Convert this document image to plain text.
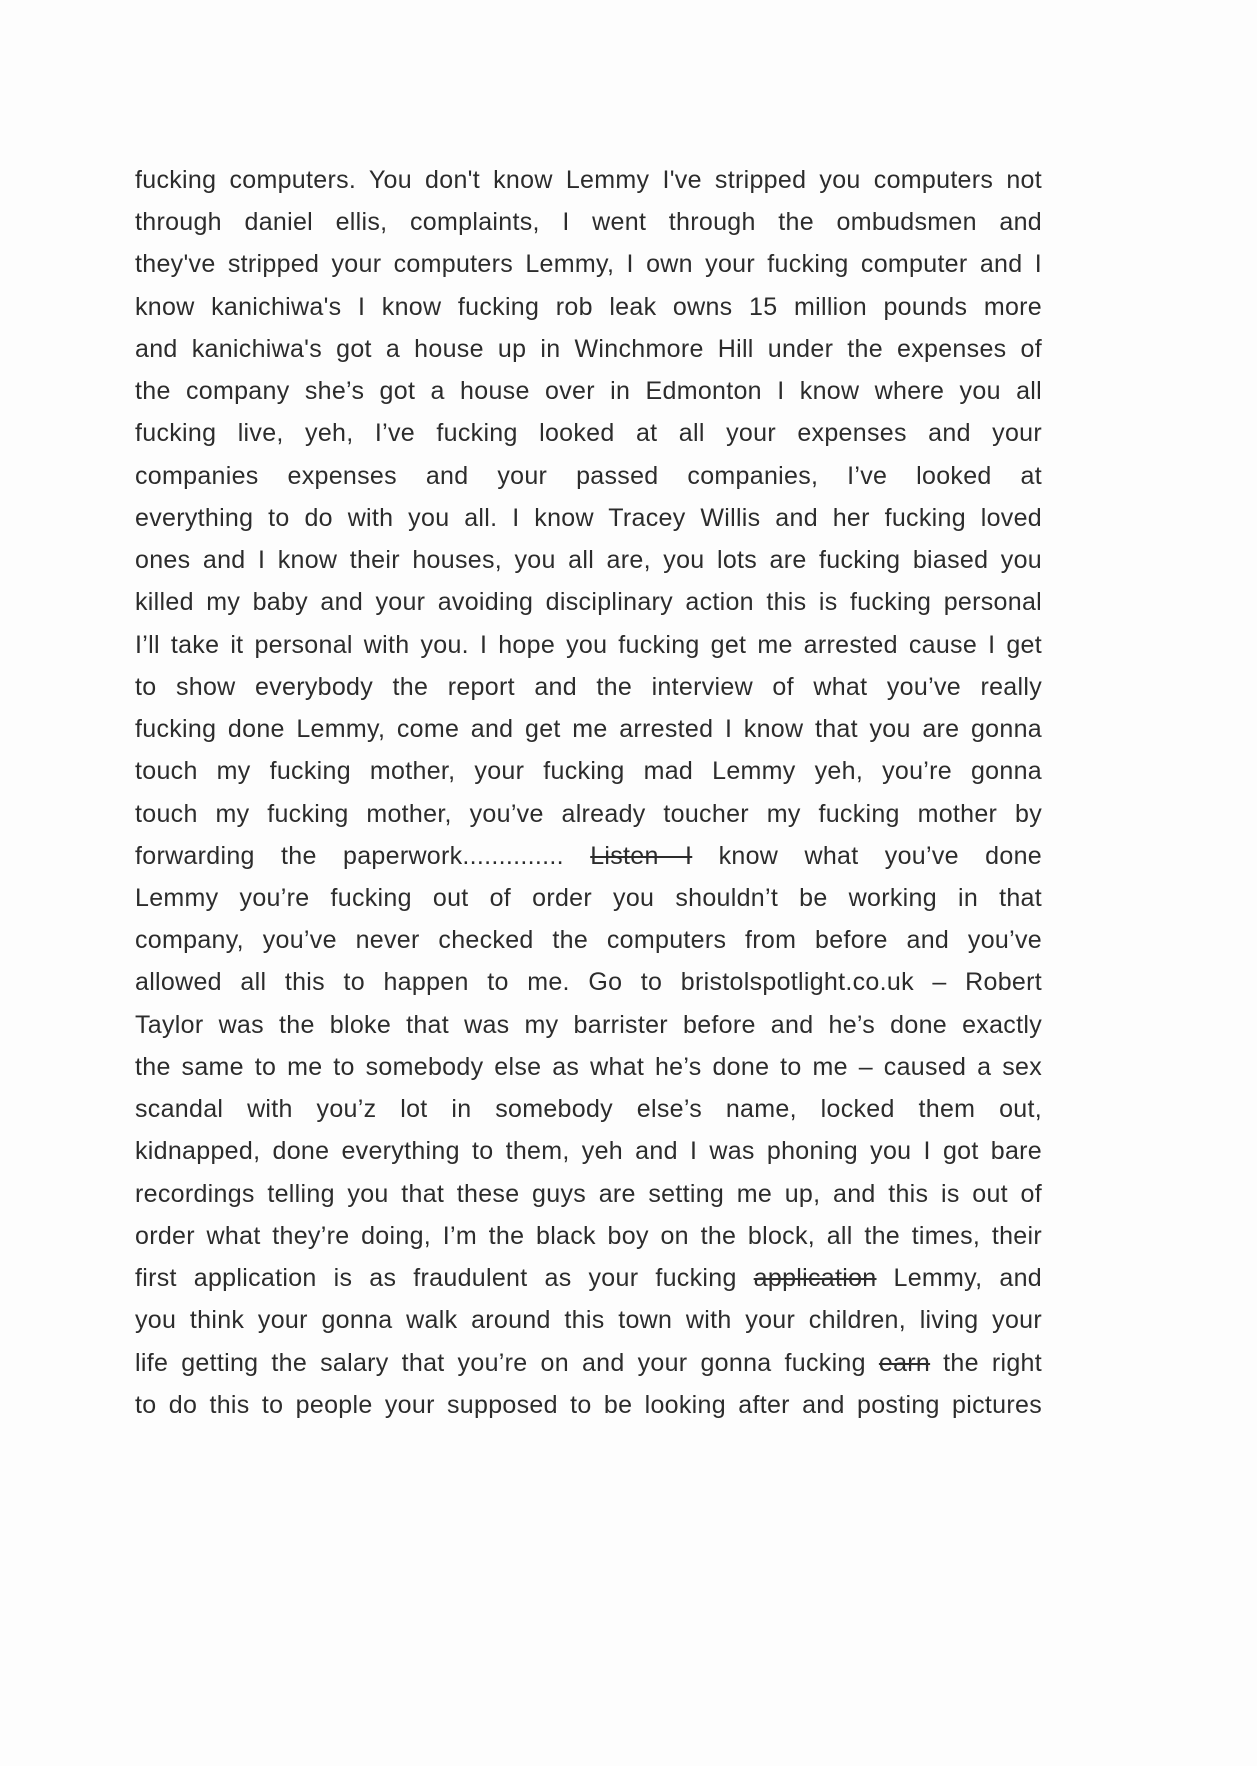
fucking computers. You don't know Lemmy I've stripped you computers not
through daniel ellis, complaints, I went through the ombudsmen and
they've stripped your computers Lemmy, I own your fucking computer and I
know kanichiwa's I know fucking rob leak owns 15 million pounds more
and kanichiwa's got a house up in Winchmore Hill under the expenses of
the company she’s got a house over in Edmonton I know where you all
fucking live, yeh, I’ve fucking looked at all your expenses and your
companies expenses and your passed companies, I’ve looked at
everything to do with you all. I know Tracey Willis and her fucking loved
ones and I know their houses, you all are, you lots are fucking biased you
killed my baby and your avoiding disciplinary action this is fucking personal
I’ll take it personal with you. I hope you fucking get me arrested cause I get
to show everybody the report and the interview of what you’ve really
fucking done Lemmy, come and get me arrested I know that you are gonna
touch my fucking mother, your fucking mad Lemmy yeh, you’re gonna
touch my fucking mother, you’ve already toucher my fucking mother by
forwarding the paperwork.............. Listen I know what you’ve done
Lemmy you’re fucking out of order you shouldn’t be working in that
company, you’ve never checked the computers from before and you’ve
allowed all this to happen to me. Go to bristolspotlight.co.uk – Robert
Taylor was the bloke that was my barrister before and he’s done exactly
the same to me to somebody else as what he’s done to me – caused a sex
scandal with you’z lot in somebody else’s name, locked them out,
kidnapped, done everything to them, yeh and I was phoning you I got bare
recordings telling you that these guys are setting me up, and this is out of
order what they’re doing, I’m the black boy on the block, all the times, their
first application is as fraudulent as your fucking application Lemmy, and
you think your gonna walk around this town with your children, living your
life getting the salary that you’re on and your gonna fucking earn the right
to do this to people your supposed to be looking after and posting pictures
